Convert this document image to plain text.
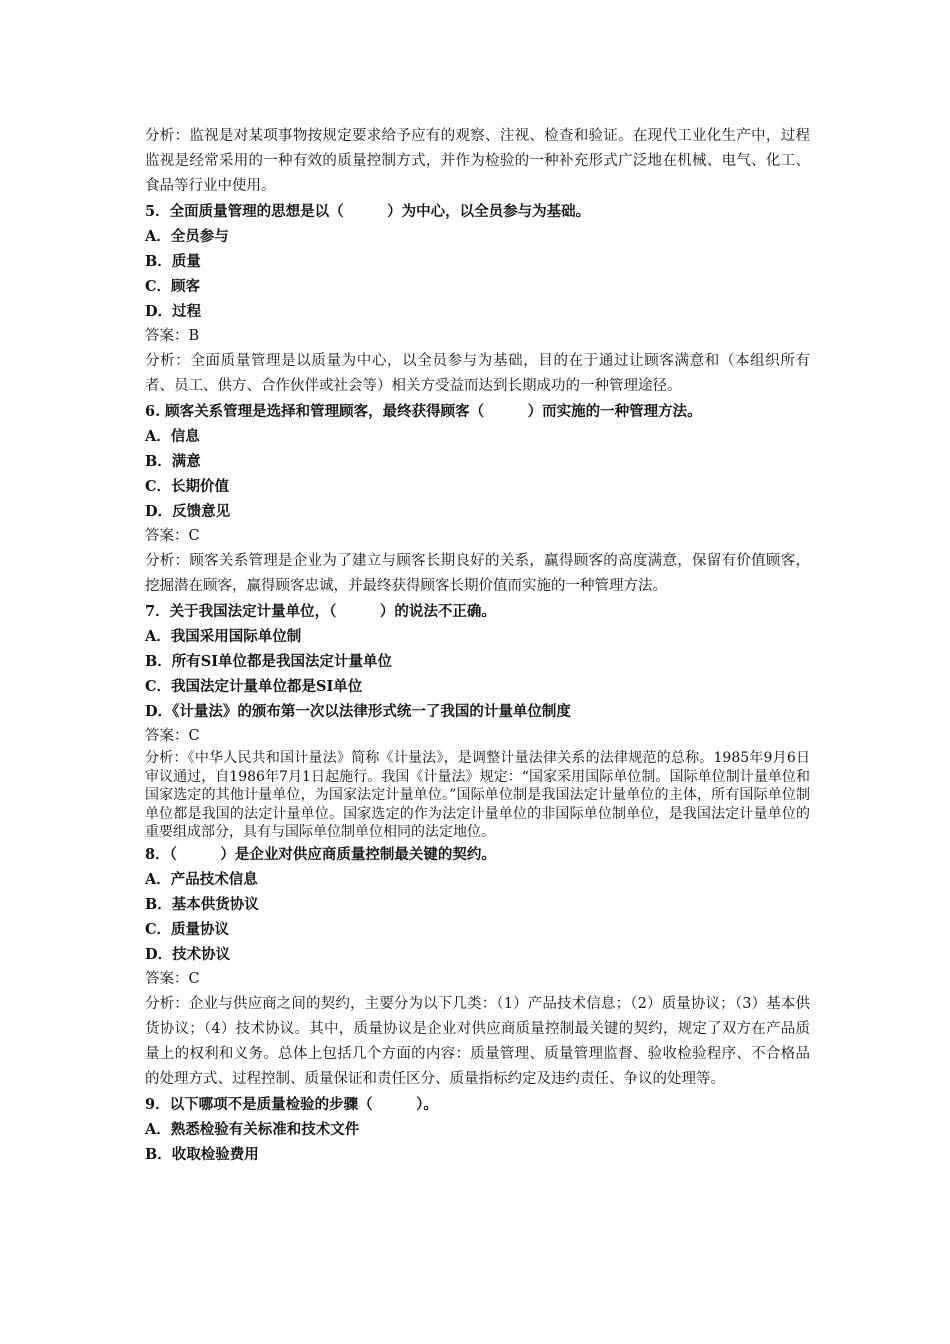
分析：监视是对某项事物按规定要求给予应有的观察、注视、检查和验证。在现代工业化生产中，过程监视是经常采用的一种有效的质量控制方式，并作为检验的一种补充形式广泛地在机械、电气、化工、食品等行业中使用。
5．全面质量管理的思想是以（　　　）为中心，以全员参与为基础。
A．全员参与
B．质量
C．顾客
D．过程
答案：B
分析：全面质量管理是以质量为中心，以全员参与为基础，目的在于通过让顾客满意和（本组织所有者、员工、供方、合作伙伴或社会等）相关方受益而达到长期成功的一种管理途径。
6. 顾客关系管理是选择和管理顾客，最终获得顾客（　　　）而实施的一种管理方法。
A．信息
B．满意
C．长期价值
D．反馈意见
答案：C
分析：顾客关系管理是企业为了建立与顾客长期良好的关系，赢得顾客的高度满意，保留有价值顾客，挖掘潜在顾客，赢得顾客忠诚，并最终获得顾客长期价值而实施的一种管理方法。
7．关于我国法定计量单位，（　　　）的说法不正确。
A．我国采用国际单位制
B．所有SI单位都是我国法定计量单位
C．我国法定计量单位都是SI单位
D．《计量法》的颁布第一次以法律形式统一了我国的计量单位制度
答案：C
分析：《中华人民共和国计量法》简称《计量法》，是调整计量法律关系的法律规范的总称。1985年9月6日审议通过，自1986年7月1日起施行。我国《计量法》规定：“国家采用国际单位制。国际单位制计量单位和国家选定的其他计量单位，为国家法定计量单位。”国际单位制是我国法定计量单位的主体，所有国际单位制单位都是我国的法定计量单位。国家选定的作为法定计量单位的非国际单位制单位，是我国法定计量单位的重要组成部分，具有与国际单位制单位相同的法定地位。
8．（　　　）是企业对供应商质量控制最关键的契约。
A．产品技术信息
B．基本供货协议
C．质量协议
D．技术协议
答案：C
分析：企业与供应商之间的契约，主要分为以下几类：（1）产品技术信息；（2）质量协议；（3）基本供货协议；（4）技术协议。其中，质量协议是企业对供应商质量控制最关键的契约，规定了双方在产品质量上的权利和义务。总体上包括几个方面的内容：质量管理、质量管理监督、验收检验程序、不合格品的处理方式、过程控制、质量保证和责任区分、质量指标约定及违约责任、争议的处理等。
9．以下哪项不是质量检验的步骤（　　　）。
A．熟悉检验有关标准和技术文件
B．收取检验费用
